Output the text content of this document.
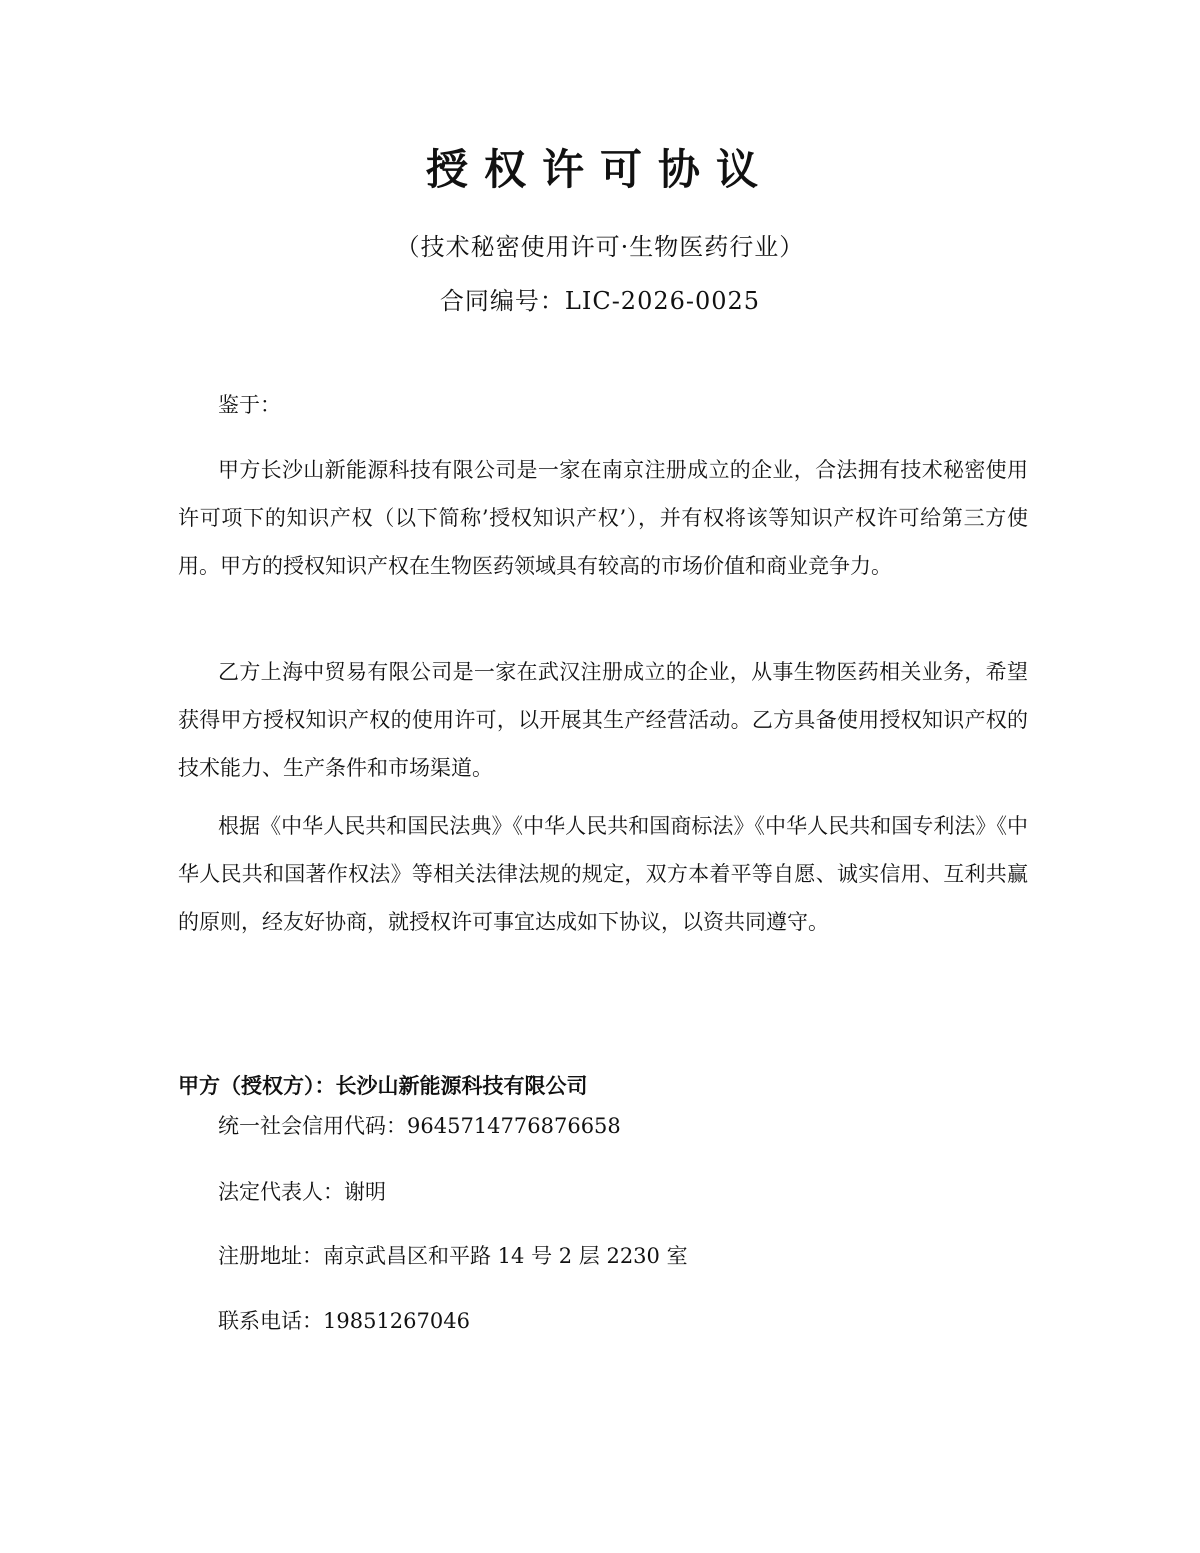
授权许可协议

（技术秘密使用许可·生物医药行业）

合同编号：LIC-2026-0025

鉴于：

甲方长沙山新能源科技有限公司是一家在南京注册成立的企业，合法拥有技术秘密使用许可项下的知识产权（以下简称’授权知识产权’），并有权将该等知识产权许可给第三方使用。甲方的授权知识产权在生物医药领域具有较高的市场价值和商业竞争力。

乙方上海中贸易有限公司是一家在武汉注册成立的企业，从事生物医药相关业务，希望获得甲方授权知识产权的使用许可，以开展其生产经营活动。乙方具备使用授权知识产权的技术能力、生产条件和市场渠道。

根据《中华人民共和国民法典》《中华人民共和国商标法》《中华人民共和国专利法》《中华人民共和国著作权法》等相关法律法规的规定，双方本着平等自愿、诚实信用、互利共赢的原则，经友好协商，就授权许可事宜达成如下协议，以资共同遵守。

甲方（授权方）：长沙山新能源科技有限公司

统一社会信用代码：9645714776876658

法定代表人：谢明

注册地址：南京武昌区和平路 14 号 2 层 2230 室

联系电话：19851267046
